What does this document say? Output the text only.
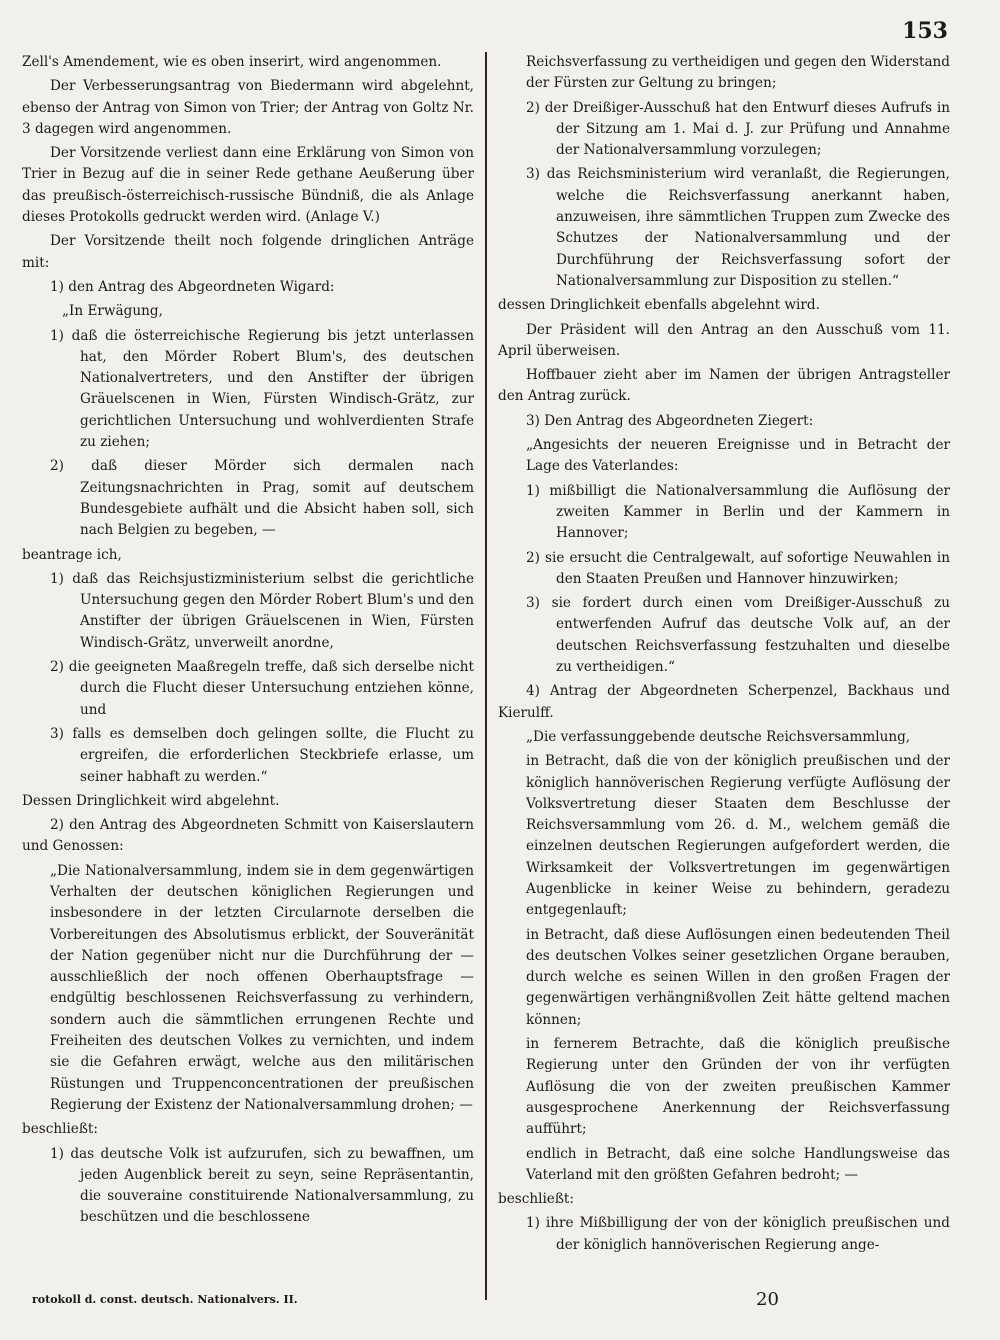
153

Zell's Amendement, wie es oben inserirt, wird angenommen.

Der Verbesserungsantrag von Biedermann wird abgelehnt, ebenso der Antrag von Simon von Trier; der Antrag von Goltz Nr. 3 dagegen wird angenommen.

Der Vorsitzende verliest dann eine Erklärung von Simon von Trier in Bezug auf die in seiner Rede gethane Aeußerung über das preußisch-österreichisch-russische Bündniß, die als Anlage dieses Protokolls gedruckt werden wird. (Anlage V.)

Der Vorsitzende theilt noch folgende dringlichen Anträge mit:

1) den Antrag des Abgeordneten Wigard:

„In Erwägung,

1) daß die österreichische Regierung bis jetzt unterlassen hat, den Mörder Robert Blum's, des deutschen Nationalvertreters, und den Anstifter der übrigen Gräuelscenen in Wien, Fürsten Windisch-Grätz, zur gerichtlichen Untersuchung und wohlverdienten Strafe zu ziehen;

2) daß dieser Mörder sich dermalen nach Zeitungsnachrichten in Prag, somit auf deutschem Bundesgebiete aufhält und die Absicht haben soll, sich nach Belgien zu begeben, —

beantrage ich,

1) daß das Reichsjustizministerium selbst die gerichtliche Untersuchung gegen den Mörder Robert Blum's und den Anstifter der übrigen Gräuelscenen in Wien, Fürsten Windisch-Grätz, unverweilt anordne,

2) die geeigneten Maaßregeln treffe, daß sich derselbe nicht durch die Flucht dieser Untersuchung entziehen könne, und

3) falls es demselben doch gelingen sollte, die Flucht zu ergreifen, die erforderlichen Steckbriefe erlasse, um seiner habhaft zu werden.“

Dessen Dringlichkeit wird abgelehnt.

2) den Antrag des Abgeordneten Schmitt von Kaiserslautern und Genossen:

„Die Nationalversammlung, indem sie in dem gegenwärtigen Verhalten der deutschen königlichen Regierungen und insbesondere in der letzten Circularnote derselben die Vorbereitungen des Absolutismus erblickt, der Souveränität der Nation gegenüber nicht nur die Durchführung der — ausschließlich der noch offenen Oberhauptsfrage — endgültig beschlossenen Reichsverfassung zu verhindern, sondern auch die sämmtlichen errungenen Rechte und Freiheiten des deutschen Volkes zu vernichten, und indem sie die Gefahren erwägt, welche aus den militärischen Rüstungen und Truppenconcentrationen der preußischen Regierung der Existenz der Nationalversammlung drohen; —

beschließt:

1) das deutsche Volk ist aufzurufen, sich zu bewaffnen, um jeden Augenblick bereit zu seyn, seine Repräsentantin, die souveraine constituirende Nationalversammlung, zu beschützen und die beschlossene

Reichsverfassung zu vertheidigen und gegen den Widerstand der Fürsten zur Geltung zu bringen;

2) der Dreißiger-Ausschuß hat den Entwurf dieses Aufrufs in der Sitzung am 1. Mai d. J. zur Prüfung und Annahme der Nationalversammlung vorzulegen;

3) das Reichsministerium wird veranlaßt, die Regierungen, welche die Reichsverfassung anerkannt haben, anzuweisen, ihre sämmtlichen Truppen zum Zwecke des Schutzes der Nationalversammlung und der Durchführung der Reichsverfassung sofort der Nationalversammlung zur Disposition zu stellen.“

dessen Dringlichkeit ebenfalls abgelehnt wird.

Der Präsident will den Antrag an den Ausschuß vom 11. April überweisen.

Hoffbauer zieht aber im Namen der übrigen Antragsteller den Antrag zurück.

3) Den Antrag des Abgeordneten Ziegert:

„Angesichts der neueren Ereignisse und in Betracht der Lage des Vaterlandes:

1) mißbilligt die Nationalversammlung die Auflösung der zweiten Kammer in Berlin und der Kammern in Hannover;

2) sie ersucht die Centralgewalt, auf sofortige Neuwahlen in den Staaten Preußen und Hannover hinzuwirken;

3) sie fordert durch einen vom Dreißiger-Ausschuß zu entwerfenden Aufruf das deutsche Volk auf, an der deutschen Reichsverfassung festzuhalten und dieselbe zu vertheidigen.“

4) Antrag der Abgeordneten Scherpenzel, Backhaus und Kierulff.

„Die verfassunggebende deutsche Reichsversammlung,

in Betracht, daß die von der königlich preußischen und der königlich hannöverischen Regierung verfügte Auflösung der Volksvertretung dieser Staaten dem Beschlusse der Reichsversammlung vom 26. d. M., welchem gemäß die einzelnen deutschen Regierungen aufgefordert werden, die Wirksamkeit der Volksvertretungen im gegenwärtigen Augenblicke in keiner Weise zu behindern, geradezu entgegenlauft;

in Betracht, daß diese Auflösungen einen bedeutenden Theil des deutschen Volkes seiner gesetzlichen Organe berauben, durch welche es seinen Willen in den großen Fragen der gegenwärtigen verhängnißvollen Zeit hätte geltend machen können;

in fernerem Betrachte, daß die königlich preußische Regierung unter den Gründen der von ihr verfügten Auflösung die von der zweiten preußischen Kammer ausgesprochene Anerkennung der Reichsverfassung aufführt;

endlich in Betracht, daß eine solche Handlungsweise das Vaterland mit den größten Gefahren bedroht; —

beschließt:

1) ihre Mißbilligung der von der königlich preußischen und der königlich hannöverischen Regierung ange-

rotokoll d. const. deutsch. Nationalvers. II.	20
